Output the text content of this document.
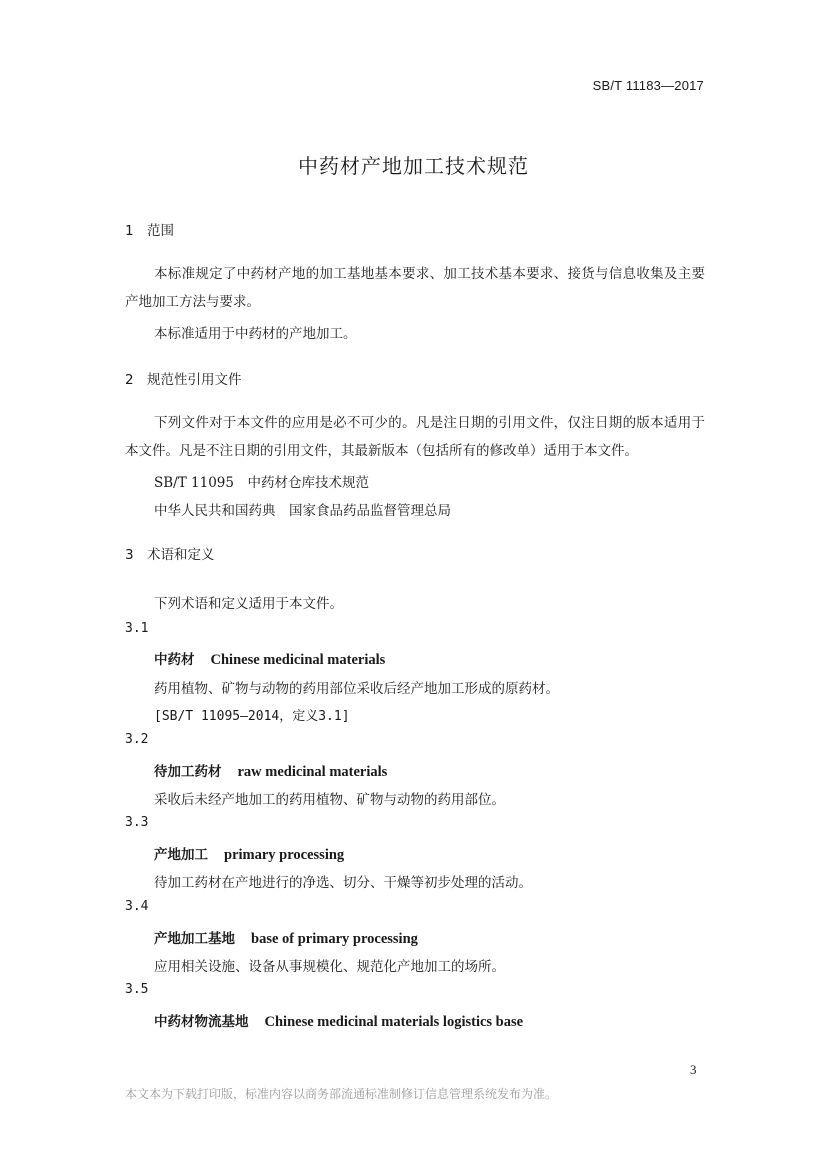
SB/T 11183—2017
中药材产地加工技术规范
1 范围
本标准规定了中药材产地的加工基地基本要求、加工技术基本要求、接货与信息收集及主要产地加工方法与要求。
本标准适用于中药材的产地加工。
2 规范性引用文件
下列文件对于本文件的应用是必不可少的。凡是注日期的引用文件，仅注日期的版本适用于本文件。凡是不注日期的引用文件，其最新版本（包括所有的修改单）适用于本文件。
SB/T 11095　中药材仓库技术规范
中华人民共和国药典　国家食品药品监督管理总局
3 术语和定义
下列术语和定义适用于本文件。
3.1
中药材 Chinese medicinal materials
药用植物、矿物与动物的药用部位采收后经产地加工形成的原药材。
[SB/T 11095—2014，定义3.1]
3.2
待加工药材 raw medicinal materials
采收后未经产地加工的药用植物、矿物与动物的药用部位。
3.3
产地加工 primary processing
待加工药材在产地进行的净选、切分、干燥等初步处理的活动。
3.4
产地加工基地 base of primary processing
应用相关设施、设备从事规模化、规范化产地加工的场所。
3.5
中药材物流基地 Chinese medicinal materials logistics base
3
本文本为下载打印版，标准内容以商务部流通标准制修订信息管理系统发布为准。
